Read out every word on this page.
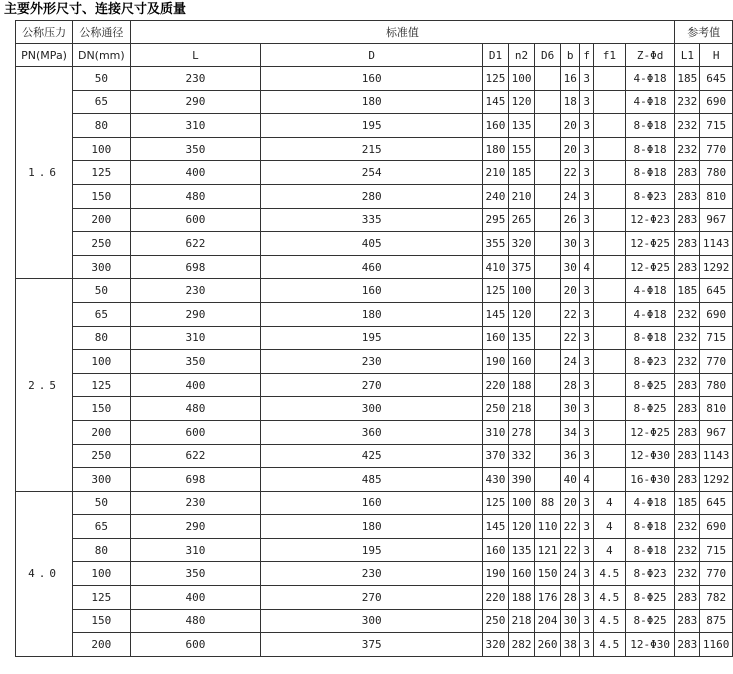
主要外形尺寸、连接尺寸及质量
公称压力	公称通径	标准值									参考值	
PN(MPa)	DN(mm)	L	D	D1	n2	D6	b	f	f1	Z-Φd	L1	H
1.6	50	230	160	125	100		16	3		4-Φ18	185	645
	65	290	180	145	120		18	3		4-Φ18	232	690
	80	310	195	160	135		20	3		8-Φ18	232	715
	100	350	215	180	155		20	3		8-Φ18	232	770
	125	400	254	210	185		22	3		8-Φ18	283	780
	150	480	280	240	210		24	3		8-Φ23	283	810
	200	600	335	295	265		26	3		12-Φ23	283	967
	250	622	405	355	320		30	3		12-Φ25	283	1143
	300	698	460	410	375		30	4		12-Φ25	283	1292
2.5	50	230	160	125	100		20	3		4-Φ18	185	645
	65	290	180	145	120		22	3		4-Φ18	232	690
	80	310	195	160	135		22	3		8-Φ18	232	715
	100	350	230	190	160		24	3		8-Φ23	232	770
	125	400	270	220	188		28	3		8-Φ25	283	780
	150	480	300	250	218		30	3		8-Φ25	283	810
	200	600	360	310	278		34	3		12-Φ25	283	967
	250	622	425	370	332		36	3		12-Φ30	283	1143
	300	698	485	430	390		40	4		16-Φ30	283	1292
4.0	50	230	160	125	100	88	20	3	4	4-Φ18	185	645
	65	290	180	145	120	110	22	3	4	8-Φ18	232	690
	80	310	195	160	135	121	22	3	4	8-Φ18	232	715
	100	350	230	190	160	150	24	3	4.5	8-Φ23	232	770
	125	400	270	220	188	176	28	3	4.5	8-Φ25	283	782
	150	480	300	250	218	204	30	3	4.5	8-Φ25	283	875
	200	600	375	320	282	260	38	3	4.5	12-Φ30	283	1160
